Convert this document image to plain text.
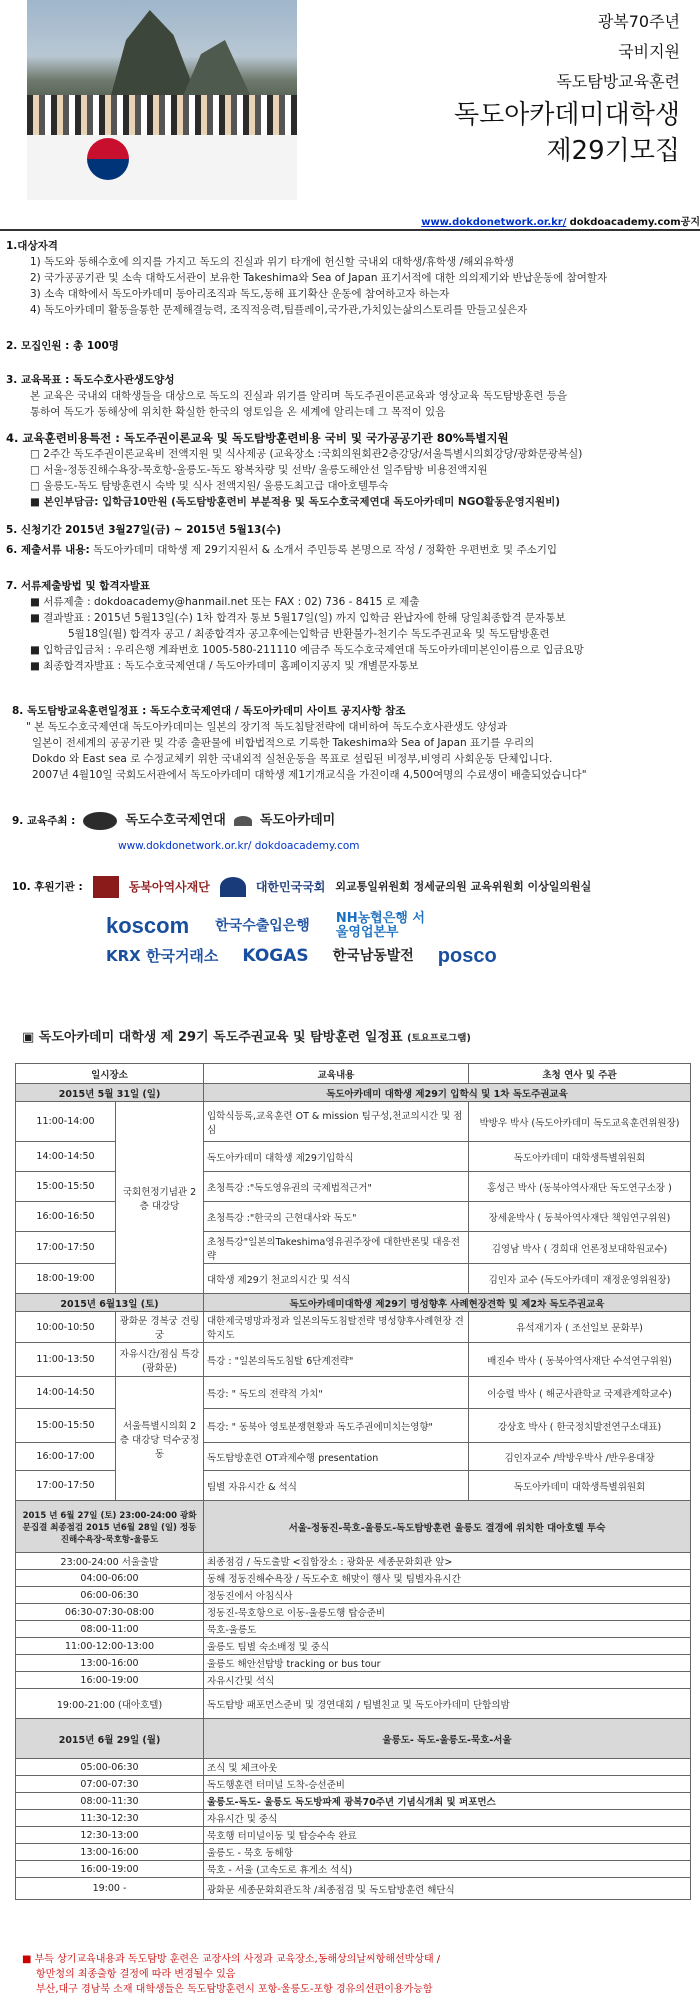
광복70주년
국비지원
독도탐방교육훈련
독도아카데미대학생
제29기모집
www.dokdonetwork.or.kr/ dokdoacademy.com공지
1.대상자격
1) 독도와 동해수호에 의지를 가지고 독도의 진실과 위기 타개에 헌신할 국내외 대학생/휴학생 /해외유학생
2) 국가공공기관 및 소속 대학도서관이 보유한 Takeshima와 Sea of Japan 표기서적에 대한 의의제기와 반납운동에 참여할자
3) 소속 대학에서 독도아카데미 동아리조직과 독도,동해 표기확산 운동에 참여하고자 하는자
4) 독도아카데미 활동을통한 문제해결능력, 조직적응력,팀플레이,국가관,가치있는삶의스토리를 만들고싶은자
2. 모집인원 : 총 100명
3. 교육목표 : 독도수호사관생도양성
본 교육은 국내외 대학생들을 대상으로 독도의 진실과 위기를 알리며 독도주권이론교육과 영상교육 독도탐방훈련 등을
통하여 독도가 동해상에 위치한 확실한 한국의 영토임을 온 세계에 알리는데 그 목적이 있음
4. 교육훈련비용특전 : 독도주권이론교육 및 독도탐방훈련비용 국비 및 국가공공기관 80%특별지원
□ 2주간 독도주권이론교육비 전액지원 및 식사제공 (교육장소 :국회의원회관2층강당/서울특별시의회강당/광화문광복실)
□ 서울-정동진해수욕장-묵호항-울릉도-독도 왕복차량 및 선박/ 울릉도해안선 일주탐방 비용전액지원
□ 울릉도-독도 탐방훈련시 숙박 및 식사 전액지원/ 울릉도최고급 대아호텔투숙
■ 본인부담금: 입학금10만원 (독도탐방훈련비 부분적용 및 독도수호국제연대 독도아카데미 NGO활동운영지원비)
5. 신청기간 2015년 3월27일(금) ~ 2015년 5월13(수)
6. 제출서류 내용: 독도아카데미 대학생 제 29기지원서 & 소개서 주민등록 본명으로 작성 / 정확한 우편번호 및 주소기입
7. 서류제출방법 및 합격자발표
■ 서류제출 : dokdoacademy@hanmail.net 또는 FAX : 02) 736 - 8415 로 제출
■ 결과발표 : 2015년 5월13일(수) 1차 합격자 통보 5월17일(일) 까지 입학금 완납자에 한해 당일최종합격 문자통보
5월18일(월) 합격자 공고 / 최종합격자 공고후에는입학금 반환불가-천기수 독도주권교육 및 독도탐방훈련
■ 입학금입금처 : 우리은행 계좌번호 1005-580-211110 예금주 독도수호국제연대 독도아카데미본인이름으로 입금요망
■ 최종합격자발표 : 독도수호국제연대 / 독도아카데미 홈페이지공지 및 개별문자통보
8. 독도탐방교육훈련일정표 : 독도수호국제연대 / 독도아카데미 사이트 공지사항 참조
" 본 독도수호국제연대 독도아카데미는 일본의 장기적 독도침탈전략에 대비하여 독도수호사관생도 양성과
일본이 전세계의 공공기관 및 각종 출판물에 비합법적으로 기록한 Takeshima와 Sea of Japan 표기를 우리의
Dokdo 와 East sea 로 수정교체키 위한 국내외적 실천운동을 목표로 설립된 비정부,비영리 사회운동 단체입니다.
2007년 4월10일 국회도서관에서 독도아카데미 대학생 제1기개교식을 가진이래 4,500여명의 수료생이 배출되었습니다"
9. 교육주최 :	독도수호국제연대	독도아카데미
www.dokdonetwork.or.kr/ dokdoacademy.com
10. 후원기관 :	동북아역사재단	대한민국국회 외교통일위원회 정세균의원 교육위원회 이상일의원실
koscom 한국수출입은행 NH농협은행 서울영업본부
KRX 한국거래소 KOGAS 한국남동발전 posco
▣ 독도아카데미 대학생 제 29기 독도주권교육 및 탐방훈련 일정표 (토요프로그램)
일시장소		교육내용	초청 연사 및 주관
2015년 5월 31일 (일)		독도아카데미 대학생 제29기 입학식 및 1차 독도주권교육	
11:00-14:00	국회헌정기념관 2층 대강당	입학식등록,교육훈련 OT & mission 팀구성,천교의시간 및 점심	박방우 박사 (독도아카데미 독도교육훈련위원장)
14:00-14:50		독도아카데미 대학생 제29기입학식	독도아카데미 대학생특별위원회
15:00-15:50		초청특강 :"독도영유권의 국제법적근거"	홍성근 박사 (동북아역사재단 독도연구소장 )
16:00-16:50		초청특강 :"한국의 근현대사와 독도"	장세윤박사 ( 동북아역사재단 책임연구위원)
17:00-17:50		초청특강"일본의Takeshima영유권주장에 대한반론및 대응전략	김영남 박사 ( 경희대 언론정보대학원교수)
18:00-19:00		대학생 제29기 천교의시간 및 석식	김인자 교수 (독도아카데미 재정운영위원장)
2015년 6월13일 (토)		독도아카데미대학생 제29기 명성향후 사례현장견학 및 제2차 독도주권교육	
10:00-10:50	광화문 경복궁 견링궁	대한제국명망과정과 일본의독도침탈전략 명성향후사례현장 견학지도	유석재기자 ( 조선일보 문화부)
11:00-13:50	자유시간/점심 특강(광화문)	특강 : "일본의독도침탈 6단계전략"	배진수 박사 ( 동북아역사재단 수석연구위원)
14:00-14:50	서울특별시의회 2층 대강당 덕수궁정동	특강: " 독도의 전략적 가치"	이승렬 박사 ( 해군사관학교 국제관계학교수)
15:00-15:50		특강: " 동북아 영토분쟁현황과 독도주권에미치는영향"	강상호 박사 ( 한국정치발전연구소대표)
16:00-17:00		독도탐방훈련 OT과제수행 presentation	김인자교수 /박방우박사 /반우용대장
17:00-17:50		팀별 자유시간 & 석식	독도아카데미 대학생특별위원회
2015 년 6월 27일 (토) 23:00-24:00 광화문집결 최종점검 2015 년6월 28일 (일) 정동진해수욕장-묵호항-울릉도		서울-정동진-묵호-울릉도-독도탐방훈련 울릉도 결경에 위치한 대아호텔 투숙	
23:00-24:00 서울출발		최종점검 / 독도출발 <집합장소 : 광화문 세종문화회관 앞>	
04:00-06:00		동해 정동진해수욕장 / 독도수호 해맞이 행사 및 팀별자유시간	
06:00-06:30		정동진에서 아침식사	
06:30-07:30-08:00		정동진-묵호항으로 이동-울릉도행 탑승준비	
08:00-11:00		묵호-울릉도	
11:00-12:00-13:00		울릉도 팀별 숙소배정 및 중식	
13:00-16:00		울릉도 해안선탐방 tracking or bus tour	
16:00-19:00		자유시간및 석식	
19:00-21:00 (대아호텔)		독도탐방 패포먼스준비 및 경연대회 / 팀별친교 및 독도아카데미 단합의밤	
2015년 6월 29일 (월)		울릉도- 독도-울릉도-묵호-서울	
05:00-06:30		조식 및 체크아웃	
07:00-07:30		독도행훈련 터미널 도착-승선준비	
08:00-11:30		울릉도-독도- 울릉도 독도방파제 광복70주년 기념식개최 및 퍼포먼스	
11:30-12:30		자유시간 및 중식	
12:30-13:00		묵호행 터미널이동 및 탑승수속 완료	
13:00-16:00		울릉도 - 묵호 동해항	
16:00-19:00		묵호 - 서울 (고속도로 휴게소 석식)	
19:00 -		광화문 세종문화회관도착 /최종점검 및 독도탐방훈련 해단식	
■ 부득 상기교육내용과 독도탐방 훈련은 교장사의 사정과 교육장소,동해상의날씨항해선박상태 /
항만청의 최종출항 결정에 따라 변경될수 있음
부산,대구 경남북 소재 대학생들은 독도탐방훈련시 포항-울릉도-포항 경유의선편이용가능함
